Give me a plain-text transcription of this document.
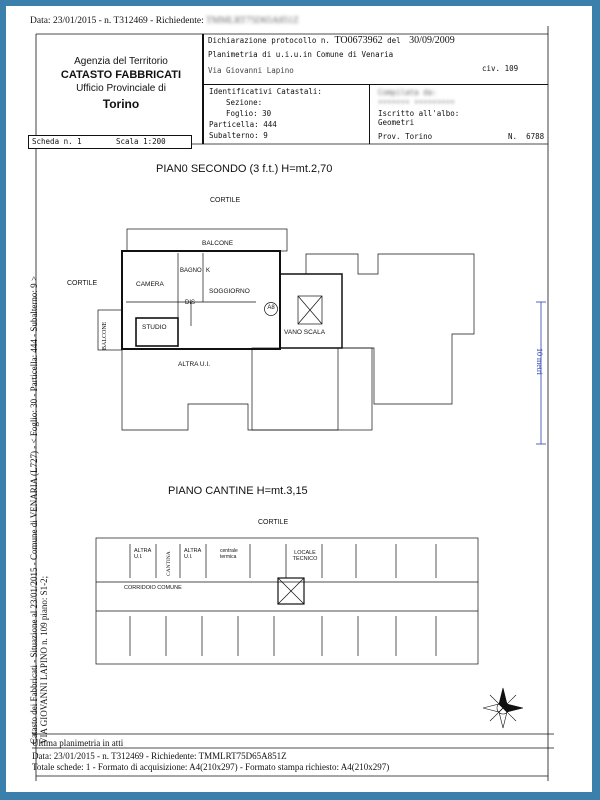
Data: 23/01/2015 - n. T312469 - Richiedente: TMMLRT75D65A851Z
Catasto dei Fabbricati - Situazione al 23/01/2015 - Comune di VENARIA (L727) - < Foglio: 30 - Particella: 444 - Subalterno: 9 > VIA GIOVANNI LAPINO n. 109 piano: S1-2;
Agenzia del Territorio
CATASTO FABBRICATI
Ufficio Provinciale di
Torino
Dichiarazione protocollo n. TO0673962 del 30/09/2009
Planimetria di u.i.u.in Comune di Venaria
Via Giovanni Lapino	civ. 109
Identificativi Catastali:
Sezione:
Foglio: 30
Particella: 444
Subalterno: 9
Compilata da:
••••••• •••••••••
Iscritto all'albo:
Geometri
Prov. Torino	N. 6788
Scheda n. 1	Scala 1:200
PIAN0 SECONDO (3 f.t.) H=mt.2,70
CORTILE
CORTILE
BALCONE
CAMERA
BAGNO K
SOGGIORNO
DIS
STUDIO
A8
VANO SCALA
ALTRA U.I.
BALCONE
10 metri
PIANO CANTINE H=mt.3,15
CORTILE
ALTRA U.I.	CANTINA
ALTRA U.I.
centrale termica
LOCALE TECNICO
CORRIDOIO COMUNE
Ultima planimetria in atti
Data: 23/01/2015 - n. T312469 - Richiedente: TMMLRT75D65A851Z
Totale schede: 1 - Formato di acquisizione: A4(210x297) - Formato stampa richiesto: A4(210x297)
